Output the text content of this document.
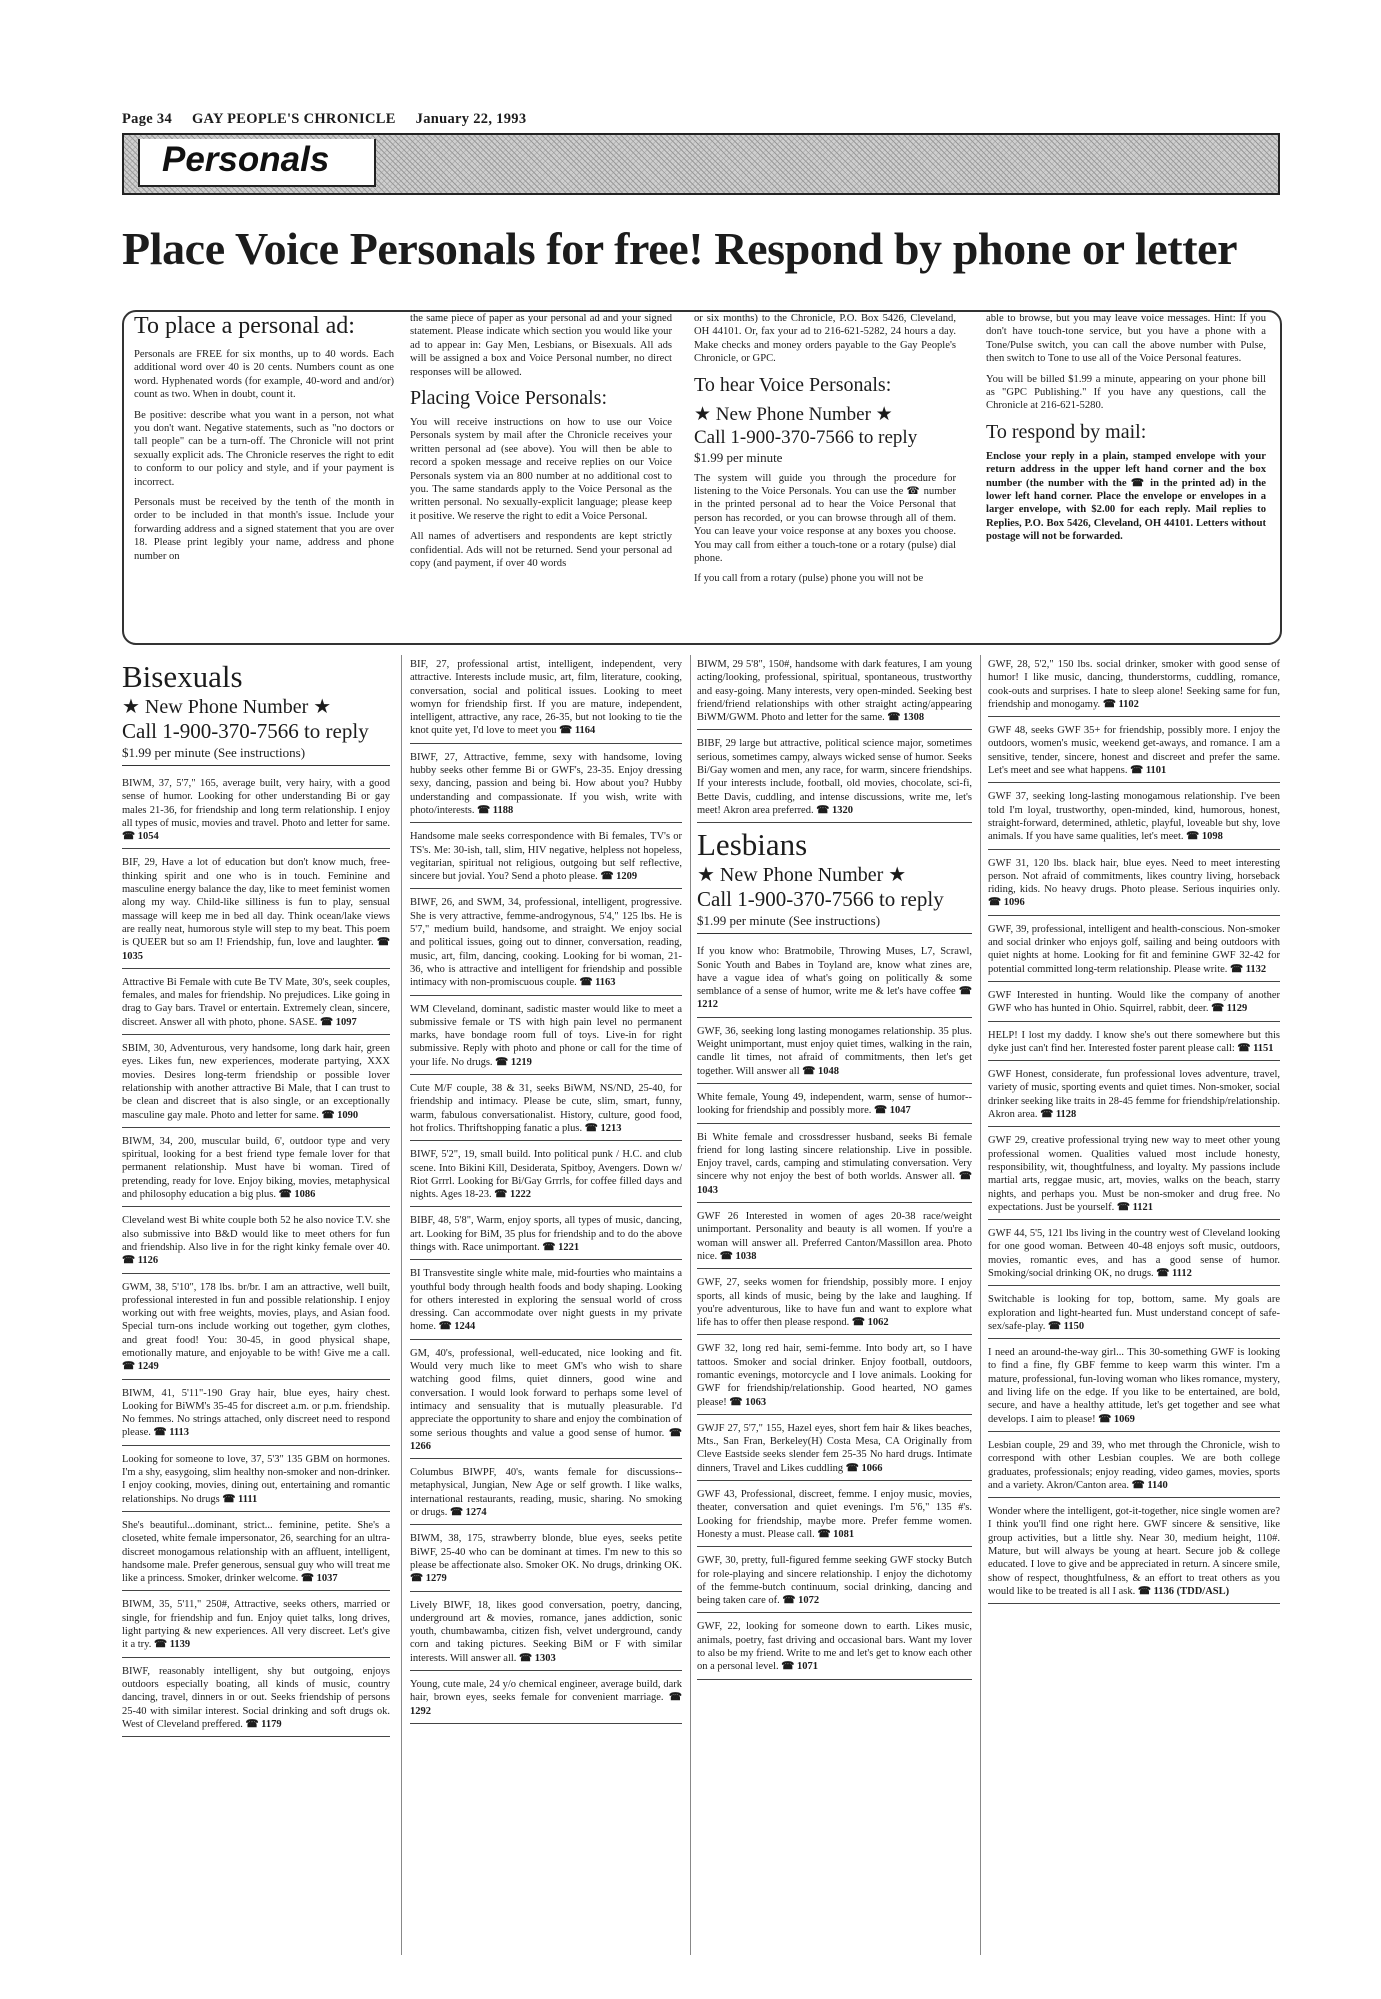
Page 34 GAY PEOPLE'S CHRONICLE January 22, 1993
Personals
Place Voice Personals for free! Respond by phone or letter
To place a personal ad:

Personals are FREE for six months, up to 40 words. Each additional word over 40 is 20 cents. Numbers count as one word. Hyphenated words (for example, 40-word and and/or) count as two. When in doubt, count it.

Be positive: describe what you want in a person, not what you don't want. Negative statements, such as "no doctors or tall people" can be a turn-off. The Chronicle will not print sexually explicit ads. The Chronicle reserves the right to edit to conform to our policy and style, and if your payment is incorrect.

Personals must be received by the tenth of the month in order to be included in that month's issue. Include your forwarding address and a signed statement that you are over 18. Please print legibly your name, address and phone number on

the same piece of paper as your personal ad and your signed statement. Please indicate which section you would like your ad to appear in: Gay Men, Lesbians, or Bisexuals. All ads will be assigned a box and Voice Personal number, no direct responses will be allowed.

Placing Voice Personals:

You will receive instructions on how to use our Voice Personals system by mail after the Chronicle receives your written personal ad (see above). You will then be able to record a spoken message and receive replies on our Voice Personals system via an 800 number at no additional cost to you. The same standards apply to the Voice Personal as the written personal. No sexually-explicit language; please keep it positive. We reserve the right to edit a Voice Personal.

All names of advertisers and respondents are kept strictly confidential. Ads will not be returned. Send your personal ad copy (and payment, if over 40 words

or six months) to the Chronicle, P.O. Box 5426, Cleveland, OH 44101. Or, fax your ad to 216-621-5282, 24 hours a day. Make checks and money orders payable to the Gay People's Chronicle, or GPC.

To hear Voice Personals:
★ New Phone Number ★
Call 1-900-370-7566 to reply
$1.99 per minute

The system will guide you through the procedure for listening to the Voice Personals. You can use the ☎ number in the printed personal ad to hear the Voice Personal that person has recorded, or you can browse through all of them. You can leave your voice response at any boxes you choose. You may call from either a touch-tone or a rotary (pulse) dial phone.

If you call from a rotary (pulse) phone you will not be

able to browse, but you may leave voice messages. Hint: If you don't have touch-tone service, but you have a phone with a Tone/Pulse switch, you can call the above number with Pulse, then switch to Tone to use all of the Voice Personal features.

You will be billed $1.99 a minute, appearing on your phone bill as "GPC Publishing." If you have any questions, call the Chronicle at 216-621-5280.

To respond by mail:

Enclose your reply in a plain, stamped envelope with your return address in the upper left hand corner and the box number (the number with the ☎ in the printed ad) in the lower left hand corner. Place the envelope or envelopes in a larger envelope, with $2.00 for each reply. Mail replies to Replies, P.O. Box 5426, Cleveland, OH 44101. Letters without postage will not be forwarded.

Bisexuals
★ New Phone Number ★
Call 1-900-370-7566 to reply
$1.99 per minute (See instructions)
BIWM, 37, 5'7," 165, average built, very hairy, with a good sense of humor. Looking for other understanding Bi or gay males 21-36, for friendship and long term relationship. I enjoy all types of music, movies and travel. Photo and letter for same. ☎ 1054
BIF, 29, Have a lot of education but don't know much, free-thinking spirit and one who is in touch. Feminine and masculine energy balance the day, like to meet feminist women along my way. Child-like silliness is fun to play, sensual massage will keep me in bed all day. Think ocean/lake views are really neat, humorous style will step to my beat. This poem is QUEER but so am I! Friendship, fun, love and laughter. ☎ 1035
Attractive Bi Female with cute Be TV Mate, 30's, seek couples, females, and males for friendship. No prejudices. Like going in drag to Gay bars. Travel or entertain. Extremely clean, sincere, discreet. Answer all with photo, phone. SASE. ☎ 1097
SBIM, 30, Adventurous, very handsome, long dark hair, green eyes. Likes fun, new experiences, moderate partying, XXX movies. Desires long-term friendship or possible lover relationship with another attractive Bi Male, that I can trust to be clean and discreet that is also single, or an exceptionally masculine gay male. Photo and letter for same. ☎ 1090
BIWM, 34, 200, muscular build, 6', outdoor type and very spiritual, looking for a best friend type female lover for that permanent relationship. Must have bi woman. Tired of pretending, ready for love. Enjoy biking, movies, metaphysical and philosophy education a big plus. ☎ 1086
Cleveland west Bi white couple both 52 he also novice T.V. she also submissive into B&D would like to meet others for fun and friendship. Also live in for the right kinky female over 40. ☎ 1126
GWM, 38, 5'10", 178 lbs. br/br. I am an attractive, well built, professional interested in fun and possible relationship. I enjoy working out with free weights, movies, plays, and Asian food. Special turn-ons include working out together, gym clothes, and great food! You: 30-45, in good physical shape, emotionally mature, and enjoyable to be with! Give me a call. ☎ 1249
BIWM, 41, 5'11"-190 Gray hair, blue eyes, hairy chest. Looking for BiWM's 35-45 for discreet a.m. or p.m. friendship. No femmes. No strings attached, only discreet need to respond please. ☎ 1113
Looking for someone to love, 37, 5'3" 135 GBM on hormones. I'm a shy, easygoing, slim healthy non-smoker and non-drinker. I enjoy cooking, movies, dining out, entertaining and romantic relationships. No drugs ☎ 1111
She's beautiful...dominant, strict... feminine, petite. She's a closeted, white female impersonator, 26, searching for an ultra-discreet monogamous relationship with an affluent, intelligent, handsome male. Prefer generous, sensual guy who will treat me like a princess. Smoker, drinker welcome. ☎ 1037
BIWM, 35, 5'11," 250#, Attractive, seeks others, married or single, for friendship and fun. Enjoy quiet talks, long drives, light partying & new experiences. All very discreet. Let's give it a try. ☎ 1139
BIWF, reasonably intelligent, shy but outgoing, enjoys outdoors especially boating, all kinds of music, country dancing, travel, dinners in or out. Seeks friendship of persons 25-40 with similar interest. Social drinking and soft drugs ok. West of Cleveland preffered. ☎ 1179
BIF, 27, professional artist, intelligent, independent, very attractive. Interests include music, art, film, literature, cooking, conversation, social and political issues. Looking to meet womyn for friendship first. If you are mature, independent, intelligent, attractive, any race, 26-35, but not looking to tie the knot quite yet, I'd love to meet you ☎ 1164
BIWF, 27, Attractive, femme, sexy with handsome, loving hubby seeks other femme Bi or GWF's, 23-35. Enjoy dressing sexy, dancing, passion and being bi. How about you? Hubby understanding and compassionate. If you wish, write with photo/interests. ☎ 1188
Handsome male seeks correspondence with Bi females, TV's or TS's. Me: 30-ish, tall, slim, HIV negative, helpless not hopeless, vegitarian, spiritual not religious, outgoing but self reflective, sincere but jovial. You? Send a photo please. ☎ 1209
BIWF, 26, and SWM, 34, professional, intelligent, progressive. She is very attractive, femme-androgynous, 5'4," 125 lbs. He is 5'7," medium build, handsome, and straight. We enjoy social and political issues, going out to dinner, conversation, reading, music, art, film, dancing, cooking. Looking for bi woman, 21-36, who is attractive and intelligent for friendship and possible intimacy with non-promiscuous couple. ☎ 1163
WM Cleveland, dominant, sadistic master would like to meet a submissive female or TS with high pain level no permanent marks, have bondage room full of toys. Live-in for right submissive. Reply with photo and phone or call for the time of your life. No drugs. ☎ 1219
Cute M/F couple, 38 & 31, seeks BiWM, NS/ND, 25-40, for friendship and intimacy. Please be cute, slim, smart, funny, warm, fabulous conversationalist. History, culture, good food, hot frolics. Thriftshopping fanatic a plus. ☎ 1213
BIWF, 5'2", 19, small build. Into political punk / H.C. and club scene. Into Bikini Kill, Desiderata, Spitboy, Avengers. Down w/ Riot Grrrl. Looking for Bi/Gay Grrrls, for coffee filled days and nights. Ages 18-23. ☎ 1222
BIBF, 48, 5'8", Warm, enjoy sports, all types of music, dancing, art. Looking for BiM, 35 plus for friendship and to do the above things with. Race unimportant. ☎ 1221
BI Transvestite single white male, mid-fourties who maintains a youthful body through health foods and body shaping. Looking for others interested in exploring the sensual world of cross dressing. Can accommodate over night guests in my private home. ☎ 1244
GM, 40's, professional, well-educated, nice looking and fit. Would very much like to meet GM's who wish to share watching good films, quiet dinners, good wine and conversation. I would look forward to perhaps some level of intimacy and sensuality that is mutually pleasurable. I'd appreciate the opportunity to share and enjoy the combination of some serious thoughts and value a good sense of humor. ☎ 1266
Columbus BIWPF, 40's, wants female for discussions--metaphysical, Jungian, New Age or self growth. I like walks, international restaurants, reading, music, sharing. No smoking or drugs. ☎ 1274
BIWM, 38, 175, strawberry blonde, blue eyes, seeks petite BiWF, 25-40 who can be dominant at times. I'm new to this so please be affectionate also. Smoker OK. No drugs, drinking OK. ☎ 1279
Lively BIWF, 18, likes good conversation, poetry, dancing, underground art & movies, romance, janes addiction, sonic youth, chumbawamba, citizen fish, velvet underground, candy corn and taking pictures. Seeking BiM or F with similar interests. Will answer all. ☎ 1303
Young, cute male, 24 y/o chemical engineer, average build, dark hair, brown eyes, seeks female for convenient marriage. ☎ 1292
BIWM, 29 5'8", 150#, handsome with dark features, I am young acting/looking, professional, spiritual, spontaneous, trustworthy and easy-going. Many interests, very open-minded. Seeking best friend/friend relationships with other straight acting/appearing BiWM/GWM. Photo and letter for the same. ☎ 1308
BIBF, 29 large but attractive, political science major, sometimes serious, sometimes campy, always wicked sense of humor. Seeks Bi/Gay women and men, any race, for warm, sincere friendships. If your interests include, football, old movies, chocolate, sci-fi, Bette Davis, cuddling, and intense discussions, write me, let's meet! Akron area preferred. ☎ 1320
Lesbians
★ New Phone Number ★
Call 1-900-370-7566 to reply
$1.99 per minute (See instructions)
If you know who: Bratmobile, Throwing Muses, L7, Scrawl, Sonic Youth and Babes in Toyland are, know what zines are, have a vague idea of what's going on politically & some semblance of a sense of humor, write me & let's have coffee ☎ 1212
GWF, 36, seeking long lasting monogames relationship. 35 plus. Weight unimportant, must enjoy quiet times, walking in the rain, candle lit times, not afraid of commitments, then let's get together. Will answer all ☎ 1048
White female, Young 49, independent, warm, sense of humor--looking for friendship and possibly more. ☎ 1047
Bi White female and crossdresser husband, seeks Bi female friend for long lasting sincere relationship. Live in possible. Enjoy travel, cards, camping and stimulating conversation. Very sincere why not enjoy the best of both worlds. Answer all. ☎ 1043
GWF 26 Interested in women of ages 20-38 race/weight unimportant. Personality and beauty is all women. If you're a woman will answer all. Preferred Canton/Massillon area. Photo nice. ☎ 1038
GWF, 27, seeks women for friendship, possibly more. I enjoy sports, all kinds of music, being by the lake and laughing. If you're adventurous, like to have fun and want to explore what life has to offer then please respond. ☎ 1062
GWF 32, long red hair, semi-femme. Into body art, so I have tattoos. Smoker and social drinker. Enjoy football, outdoors, romantic evenings, motorcycle and I love animals. Looking for GWF for friendship/relationship. Good hearted, NO games please! ☎ 1063
GWJF 27, 5'7," 155, Hazel eyes, short fem hair & likes beaches, Mts., San Fran, Berkeley(H) Costa Mesa, CA Originally from Cleve Eastside seeks slender fem 25-35 No hard drugs. Intimate dinners, Travel and Likes cuddling ☎ 1066
GWF 43, Professional, discreet, femme. I enjoy music, movies, theater, conversation and quiet evenings. I'm 5'6," 135 #'s. Looking for friendship, maybe more. Prefer femme women. Honesty a must. Please call. ☎ 1081
GWF, 30, pretty, full-figured femme seeking GWF stocky Butch for role-playing and sincere relationship. I enjoy the dichotomy of the femme-butch continuum, social drinking, dancing and being taken care of. ☎ 1072
GWF, 22, looking for someone down to earth. Likes music, animals, poetry, fast driving and occasional bars. Want my lover to also be my friend. Write to me and let's get to know each other on a personal level. ☎ 1071
GWF, 28, 5'2," 150 lbs. social drinker, smoker with good sense of humor! I like music, dancing, thunderstorms, cuddling, romance, cook-outs and surprises. I hate to sleep alone! Seeking same for fun, friendship and monogamy. ☎ 1102
GWF 48, seeks GWF 35+ for friendship, possibly more. I enjoy the outdoors, women's music, weekend get-aways, and romance. I am a sensitive, tender, sincere, honest and discreet and prefer the same. Let's meet and see what happens. ☎ 1101
GWF 37, seeking long-lasting monogamous relationship. I've been told I'm loyal, trustworthy, open-minded, kind, humorous, honest, straight-forward, determined, athletic, playful, loveable but shy, love animals. If you have same qualities, let's meet. ☎ 1098
GWF 31, 120 lbs. black hair, blue eyes. Need to meet interesting person. Not afraid of commitments, likes country living, horseback riding, kids. No heavy drugs. Photo please. Serious inquiries only. ☎ 1096
GWF, 39, professional, intelligent and health-conscious. Non-smoker and social drinker who enjoys golf, sailing and being outdoors with quiet nights at home. Looking for fit and feminine GWF 32-42 for potential committed long-term relationship. Please write. ☎ 1132
GWF Interested in hunting. Would like the company of another GWF who has hunted in Ohio. Squirrel, rabbit, deer. ☎ 1129
HELP! I lost my daddy. I know she's out there somewhere but this dyke just can't find her. Interested foster parent please call: ☎ 1151
GWF Honest, considerate, fun professional loves adventure, travel, variety of music, sporting events and quiet times. Non-smoker, social drinker seeking like traits in 28-45 femme for friendship/relationship. Akron area. ☎ 1128
GWF 29, creative professional trying new way to meet other young professional women. Qualities valued most include honesty, responsibility, wit, thoughtfulness, and loyalty. My passions include martial arts, reggae music, art, movies, walks on the beach, starry nights, and perhaps you. Must be non-smoker and drug free. No expectations. Just be yourself. ☎ 1121
GWF 44, 5'5, 121 lbs living in the country west of Cleveland looking for one good woman. Between 40-48 enjoys soft music, outdoors, movies, romantic eves, and has a good sense of humor. Smoking/social drinking OK, no drugs. ☎ 1112
Switchable is looking for top, bottom, same. My goals are exploration and light-hearted fun. Must understand concept of safe-sex/safe-play. ☎ 1150
I need an around-the-way girl... This 30-something GWF is looking to find a fine, fly GBF femme to keep warm this winter. I'm a mature, professional, fun-loving woman who likes romance, mystery, and living life on the edge. If you like to be entertained, are bold, secure, and have a healthy attitude, let's get together and see what develops. I aim to please! ☎ 1069
Lesbian couple, 29 and 39, who met through the Chronicle, wish to correspond with other Lesbian couples. We are both college graduates, professionals; enjoy reading, video games, movies, sports and a variety. Akron/Canton area. ☎ 1140
Wonder where the intelligent, got-it-together, nice single women are? I think you'll find one right here. GWF sincere & sensitive, like group activities, but a little shy. Near 30, medium height, 110#. Mature, but will always be young at heart. Secure job & college educated. I love to give and be appreciated in return. A sincere smile, show of respect, thoughtfulness, & an effort to treat others as you would like to be treated is all I ask. ☎ 1136 (TDD/ASL)
